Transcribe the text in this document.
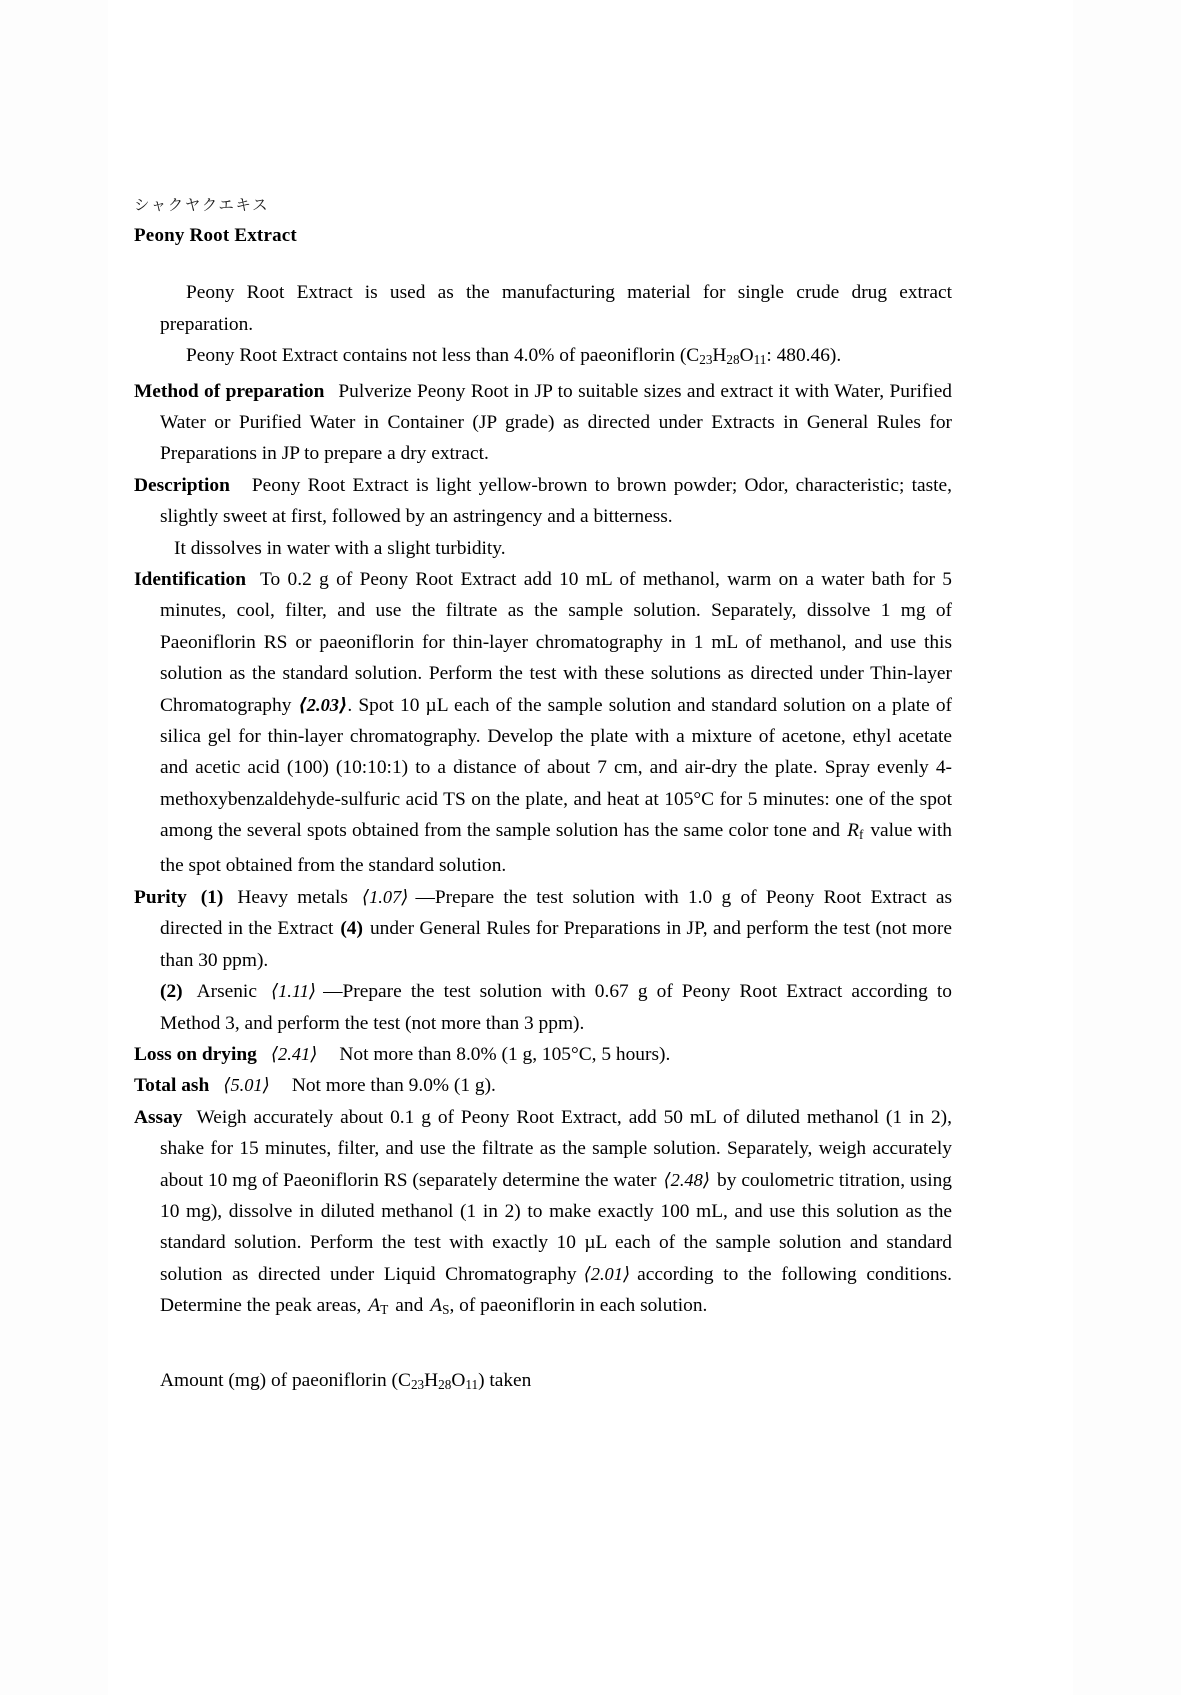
シャクヤクエキス
Peony Root Extract

Peony Root Extract is used as the manufacturing material for single crude drug extract preparation.

Peony Root Extract contains not less than 4.0% of paeoniflorin ($C_{23}H_{28}O_{11}$: 480.46).

Method of preparation Pulverize Peony Root in JP to suitable sizes and extract it with Water, Purified Water or Purified Water in Container (JP grade) as directed under Extracts in General Rules for Preparations in JP to prepare a dry extract.

Description Peony Root Extract is light yellow-brown to brown powder; Odor, characteristic; taste, slightly sweet at first, followed by an astringency and a bitterness.

It dissolves in water with a slight turbidity.

Identification To 0.2 g of Peony Root Extract add 10 mL of methanol, warm on a water bath for 5 minutes, cool, filter, and use the filtrate as the sample solution. Separately, dissolve 1 mg of Paeoniflorin RS or paeoniflorin for thin-layer chromatography in 1 mL of methanol, and use this solution as the standard solution. Perform the test with these solutions as directed under Thin-layer Chromatography ⟨2.03⟩. Spot 10 µL each of the sample solution and standard solution on a plate of silica gel for thin-layer chromatography. Develop the plate with a mixture of acetone, ethyl acetate and acetic acid (100) (10:10:1) to a distance of about 7 cm, and air-dry the plate. Spray evenly 4-methoxybenzaldehyde-sulfuric acid TS on the plate, and heat at 105°C for 5 minutes: one of the spot among the several spots obtained from the sample solution has the same color tone and $R_f$ value with the spot obtained from the standard solution.

Purity (1) Heavy metals ⟨1.07⟩ —Prepare the test solution with 1.0 g of Peony Root Extract as directed in the Extract (4) under General Rules for Preparations in JP, and perform the test (not more than 30 ppm).

(2) Arsenic ⟨1.11⟩ —Prepare the test solution with 0.67 g of Peony Root Extract according to Method 3, and perform the test (not more than 3 ppm).

Loss on drying ⟨2.41⟩ Not more than 8.0% (1 g, 105°C, 5 hours).

Total ash ⟨5.01⟩ Not more than 9.0% (1 g).

Assay Weigh accurately about 0.1 g of Peony Root Extract, add 50 mL of diluted methanol (1 in 2), shake for 15 minutes, filter, and use the filtrate as the sample solution. Separately, weigh accurately about 10 mg of Paeoniflorin RS (separately determine the water ⟨2.48⟩ by coulometric titration, using 10 mg), dissolve in diluted methanol (1 in 2) to make exactly 100 mL, and use this solution as the standard solution. Perform the test with exactly 10 µL each of the sample solution and standard solution as directed under Liquid Chromatography ⟨2.01⟩ according to the following conditions. Determine the peak areas, $A_T$ and $A_S$, of paeoniflorin in each solution.

Amount (mg) of paeoniflorin $(C_{23}H_{28}O_{11})$ taken
